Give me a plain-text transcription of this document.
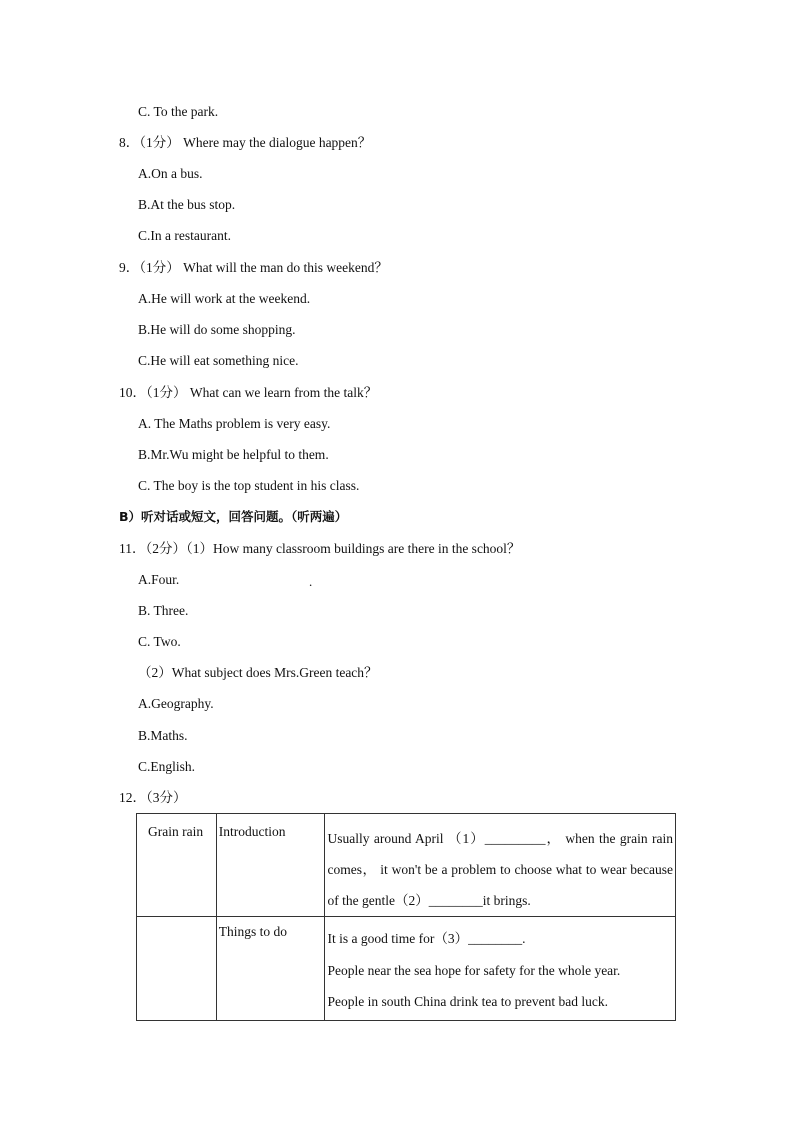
C. To the park.
8．（1分） Where may the dialogue happen？
A.On a bus.
B.At the bus stop.
C.In a restaurant.
9．（1分） What will the man do this weekend？
A.He will work at the weekend.
B.He will do some shopping.
C.He will eat something nice.
10．（1分） What can we learn from the talk？
A. The Maths problem is very easy.
B.Mr.Wu might be helpful to them.
C. The boy is the top student in his class.
B）听对话或短文，回答问题。（听两遍）
11．（2分）（1）How many classroom buildings are there in the school？
A.Four.	.
B. Three.
C. Two.
（2）What subject does Mrs.Green teach？
A.Geography.
B.Maths.
C.English.
12．（3分）
Grain rain	Introduction	Usually around April （1）_________， when the grain rain comes， it won't be a problem to choose what to wear because of the gentle（2）________it brings.

	Things to do	It is a good time for（3）________.
People near the sea hope for safety for the whole year.
People in south China drink tea to prevent bad luck.
